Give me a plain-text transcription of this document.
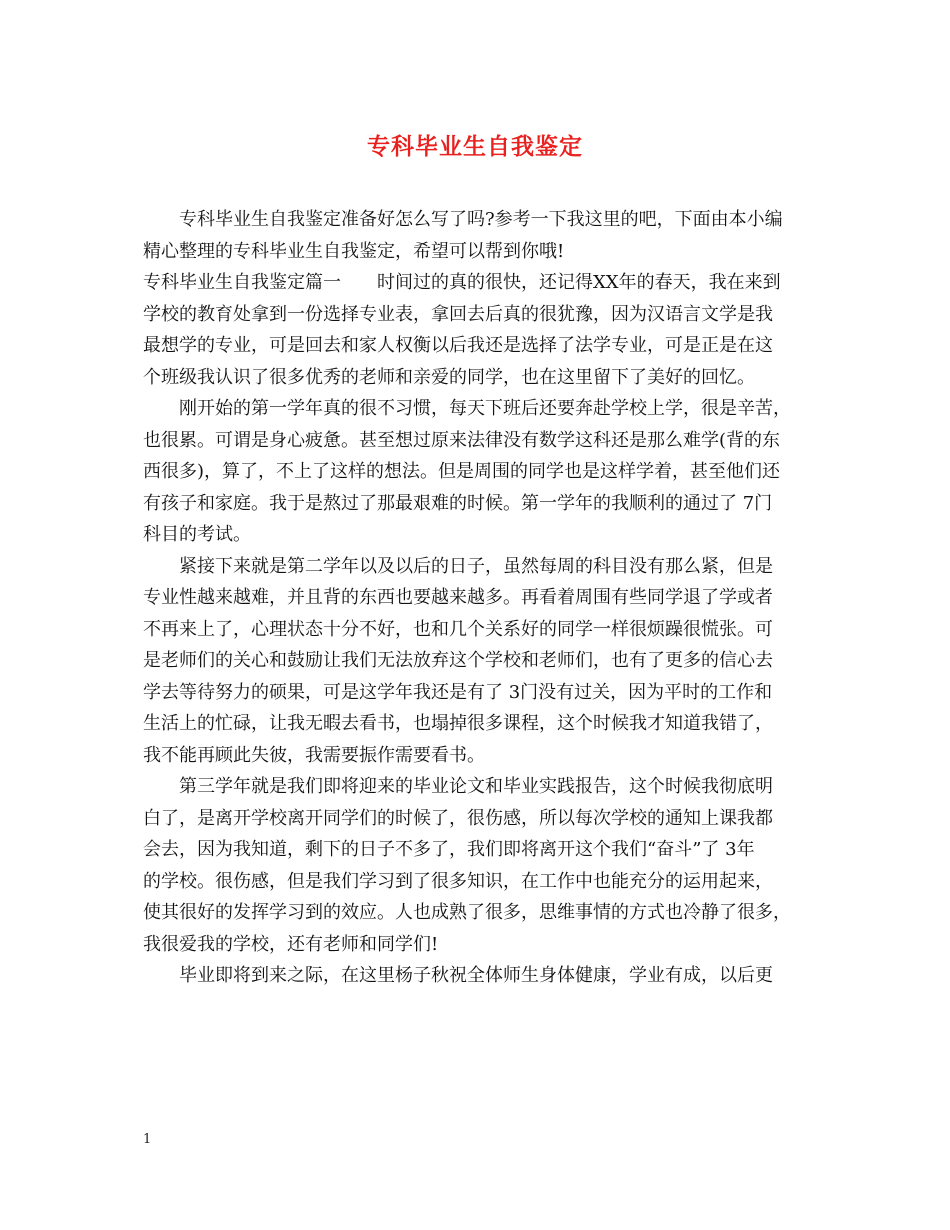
专科毕业生自我鉴定
专科毕业生自我鉴定准备好怎么写了吗?参考一下我这里的吧，下面由本小编
精心整理的专科毕业生自我鉴定，希望可以帮到你哦!
专科毕业生自我鉴定篇一　　时间过的真的很快，还记得XX年的春天，我在来到
学校的教育处拿到一份选择专业表，拿回去后真的很犹豫，因为汉语言文学是我
最想学的专业，可是回去和家人权衡以后我还是选择了法学专业，可是正是在这
个班级我认识了很多优秀的老师和亲爱的同学，也在这里留下了美好的回忆。
刚开始的第一学年真的很不习惯，每天下班后还要奔赴学校上学，很是辛苦，
也很累。可谓是身心疲惫。甚至想过原来法律没有数学这科还是那么难学(背的东
西很多)，算了，不上了这样的想法。但是周围的同学也是这样学着，甚至他们还
有孩子和家庭。我于是熬过了那最艰难的时候。第一学年的我顺利的通过了 7门
科目的考试。
紧接下来就是第二学年以及以后的日子，虽然每周的科目没有那么紧，但是
专业性越来越难，并且背的东西也要越来越多。再看着周围有些同学退了学或者
不再来上了，心理状态十分不好，也和几个关系好的同学一样很烦躁很慌张。可
是老师们的关心和鼓励让我们无法放弃这个学校和老师们，也有了更多的信心去
学去等待努力的硕果，可是这学年我还是有了 3门没有过关，因为平时的工作和
生活上的忙碌，让我无暇去看书，也塌掉很多课程，这个时候我才知道我错了，
我不能再顾此失彼，我需要振作需要看书。
第三学年就是我们即将迎来的毕业论文和毕业实践报告，这个时候我彻底明
白了，是离开学校离开同学们的时候了，很伤感，所以每次学校的通知上课我都
会去，因为我知道，剩下的日子不多了，我们即将离开这个我们“奋斗”了 3年
的学校。很伤感，但是我们学习到了很多知识，在工作中也能充分的运用起来，
使其很好的发挥学习到的效应。人也成熟了很多，思维事情的方式也冷静了很多，
我很爱我的学校，还有老师和同学们!
毕业即将到来之际，在这里杨子秋祝全体师生身体健康，学业有成，以后更
1
